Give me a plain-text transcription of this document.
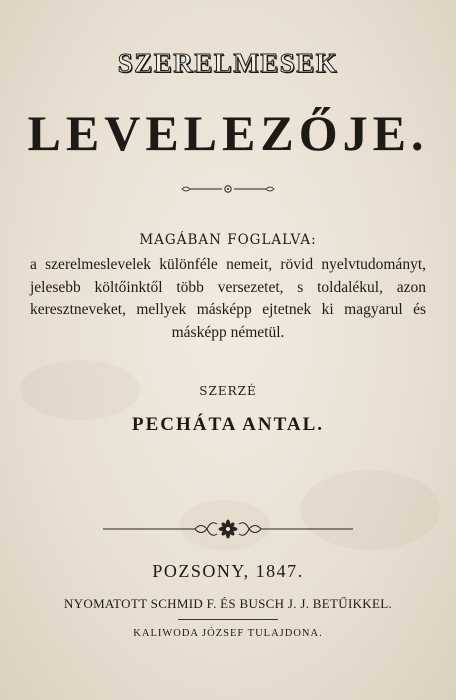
SZERELMESEK
LEVELEZŐJE.
MAGÁBAN FOGLALVA:
a szerelmeslevelek különféle nemeit, rövid nyelvtudományt, jelesebb költőinktől több versezetet, s toldalékul, azon keresztneveket, mellyek másképp ejtetnek ki magyarul és másképp németül.
SZERZÉ
PECHÁTA ANTAL.
POZSONY, 1847.
NYOMATOTT SCHMID F. ÉS BUSCH J. J. BETŰIKKEL.
KALIWODA JÓZSEF TULAJDONA.
